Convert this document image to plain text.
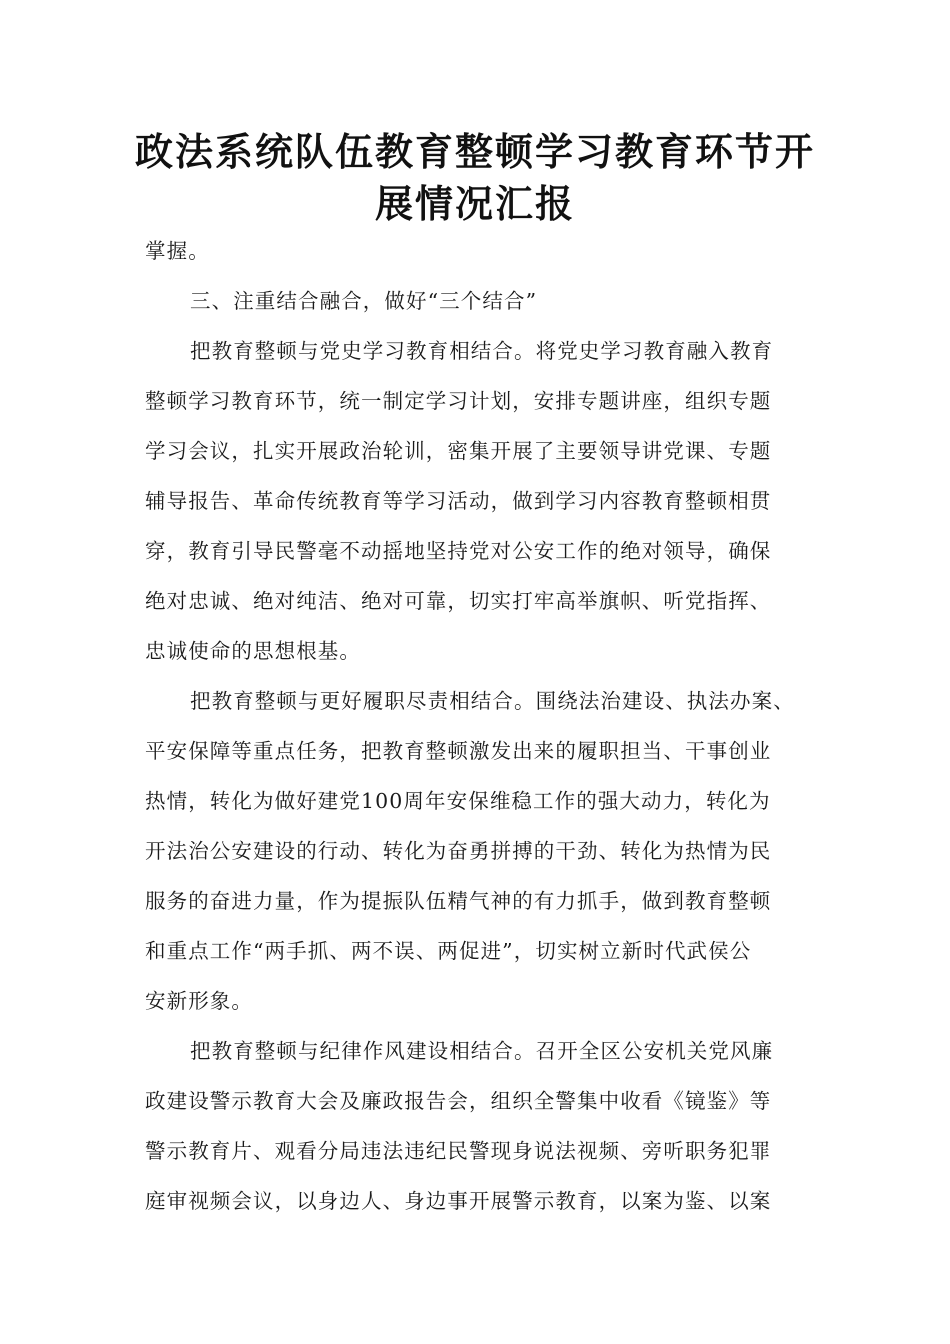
政法系统队伍教育整顿学习教育环节开
展情况汇报
掌握。
三、注重结合融合，做好“三个结合”
把教育整顿与党史学习教育相结合。将党史学习教育融入教育
整顿学习教育环节，统一制定学习计划，安排专题讲座，组织专题
学习会议，扎实开展政治轮训，密集开展了主要领导讲党课、专题
辅导报告、革命传统教育等学习活动，做到学习内容教育整顿相贯
穿，教育引导民警毫不动摇地坚持党对公安工作的绝对领导，确保
绝对忠诚、绝对纯洁、绝对可靠，切实打牢高举旗帜、听党指挥、
忠诚使命的思想根基。
把教育整顿与更好履职尽责相结合。围绕法治建设、执法办案、
平安保障等重点任务，把教育整顿激发出来的履职担当、干事创业
热情，转化为做好建党100周年安保维稳工作的强大动力，转化为
开法治公安建设的行动、转化为奋勇拼搏的干劲、转化为热情为民
服务的奋进力量，作为提振队伍精气神的有力抓手，做到教育整顿
和重点工作“两手抓、两不误、两促进”，切实树立新时代武侯公
安新形象。
把教育整顿与纪律作风建设相结合。召开全区公安机关党风廉
政建设警示教育大会及廉政报告会，组织全警集中收看《镜鉴》等
警示教育片、观看分局违法违纪民警现身说法视频、旁听职务犯罪
庭审视频会议，以身边人、身边事开展警示教育，以案为鉴、以案
